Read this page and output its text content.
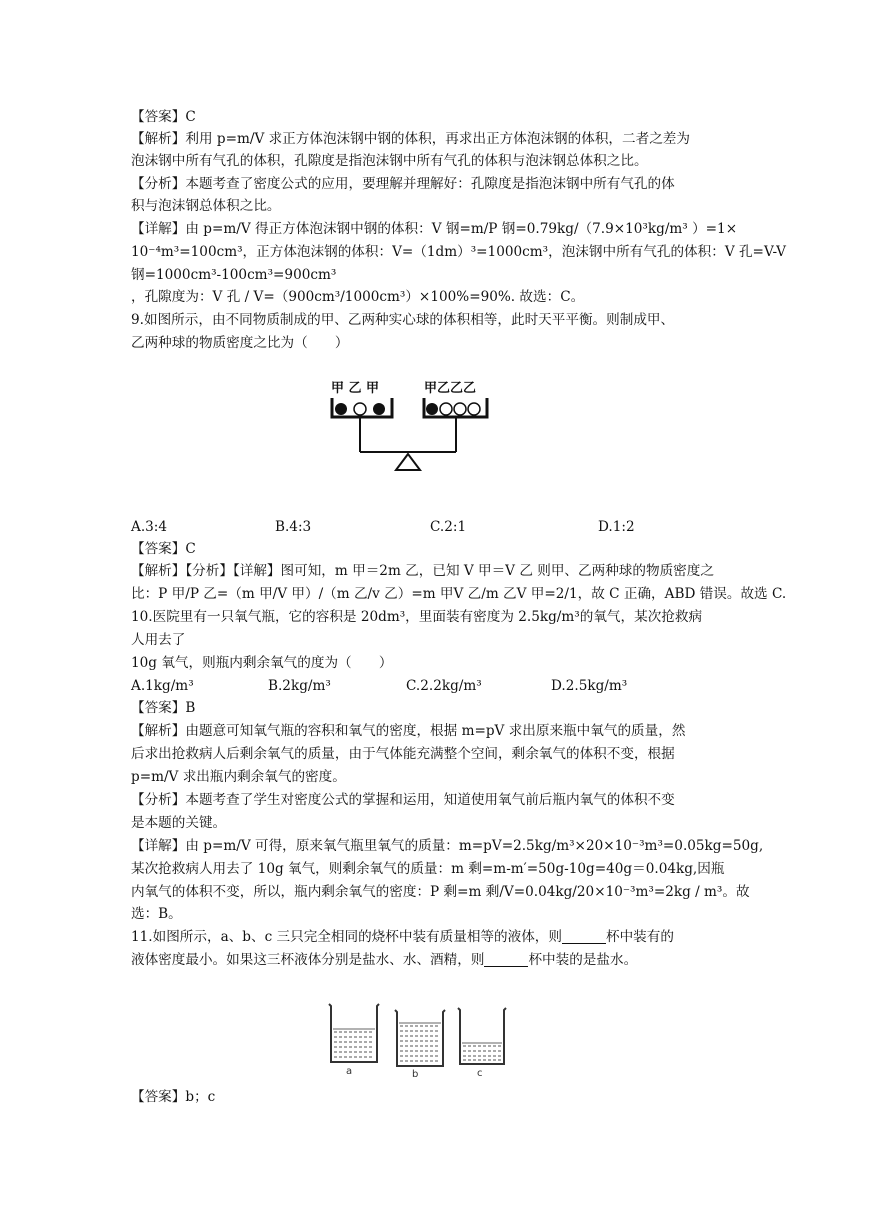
【答案】C
【解析】利用 p=m/V 求正方体泡沫钢中钢的体积，再求出正方体泡沫钢的体积，二者之差为
泡沫钢中所有气孔的体积，孔隙度是指泡沫钢中所有气孔的体积与泡沫钢总体积之比。
【分析】本题考查了密度公式的应用，要理解并理解好：孔隙度是指泡沫钢中所有气孔的体
积与泡沫钢总体积之比。
【详解】由 p=m/V 得正方体泡沫钢中钢的体积：V 钢=m/P 钢=0.79kg/（7.9×10³kg/m³ ）=1×
10⁻⁴m³=100cm³，正方体泡沫钢的体积：V=（1dm）³=1000cm³，泡沫钢中所有气孔的体积：V 孔=V-V
钢=1000cm³-100cm³=900cm³
，孔隙度为：V 孔 / V=（900cm³/1000cm³）×100%=90%. 故选：C。
9.如图所示，由不同物质制成的甲、乙两种实心球的体积相等，此时天平平衡。则制成甲、
乙两种球的物质密度之比为（　　）
甲 乙 甲	甲乙乙乙
A.3:4	B.4:3	C.2:1	D.1:2
【答案】C
【解析】【分析】【详解】图可知，m 甲＝2m 乙，已知 V 甲＝V 乙 则甲、乙两种球的物质密度之
比：P 甲/P 乙=（m 甲/V 甲）/（m 乙/v 乙）=m 甲V 乙/m 乙V 甲=2/1，故 C 正确，ABD 错误。故选 C.
10.医院里有一只氧气瓶，它的容积是 20dm³，里面装有密度为 2.5kg/m³的氧气，某次抢救病
人用去了
10g 氧气，则瓶内剩余氧气的度为（　　）
A.1kg/m³	B.2kg/m³	C.2.2kg/m³	D.2.5kg/m³
【答案】B
【解析】由题意可知氧气瓶的容积和氧气的密度，根据 m=pV 求出原来瓶中氧气的质量，然
后求出抢救病人后剩余氧气的质量，由于气体能充满整个空间，剩余氧气的体积不变，根据
p=m/V 求出瓶内剩余氧气的密度。
【分析】本题考查了学生对密度公式的掌握和运用，知道使用氧气前后瓶内氧气的体积不变
是本题的关键。
【详解】由 p=m/V 可得，原来氧气瓶里氧气的质量：m=pV=2.5kg/m³×20×10⁻³m³=0.05kg=50g,
某次抢救病人用去了 10g 氧气，则剩余氧气的质量：m 剩=m-m′=50g-10g=40g＝0.04kg,因瓶
内氧气的体积不变，所以，瓶内剩余氧气的密度：P 剩=m 剩/V=0.04kg/20×10⁻³m³=2kg / m³。故
选：B。
11.如图所示，a、b、c 三只完全相同的烧杯中装有质量相等的液体，则	杯中装有的
液体密度最小。如果这三杯液体分别是盐水、水、酒精，则	杯中装的是盐水。
a	b	c
【答案】b；c
